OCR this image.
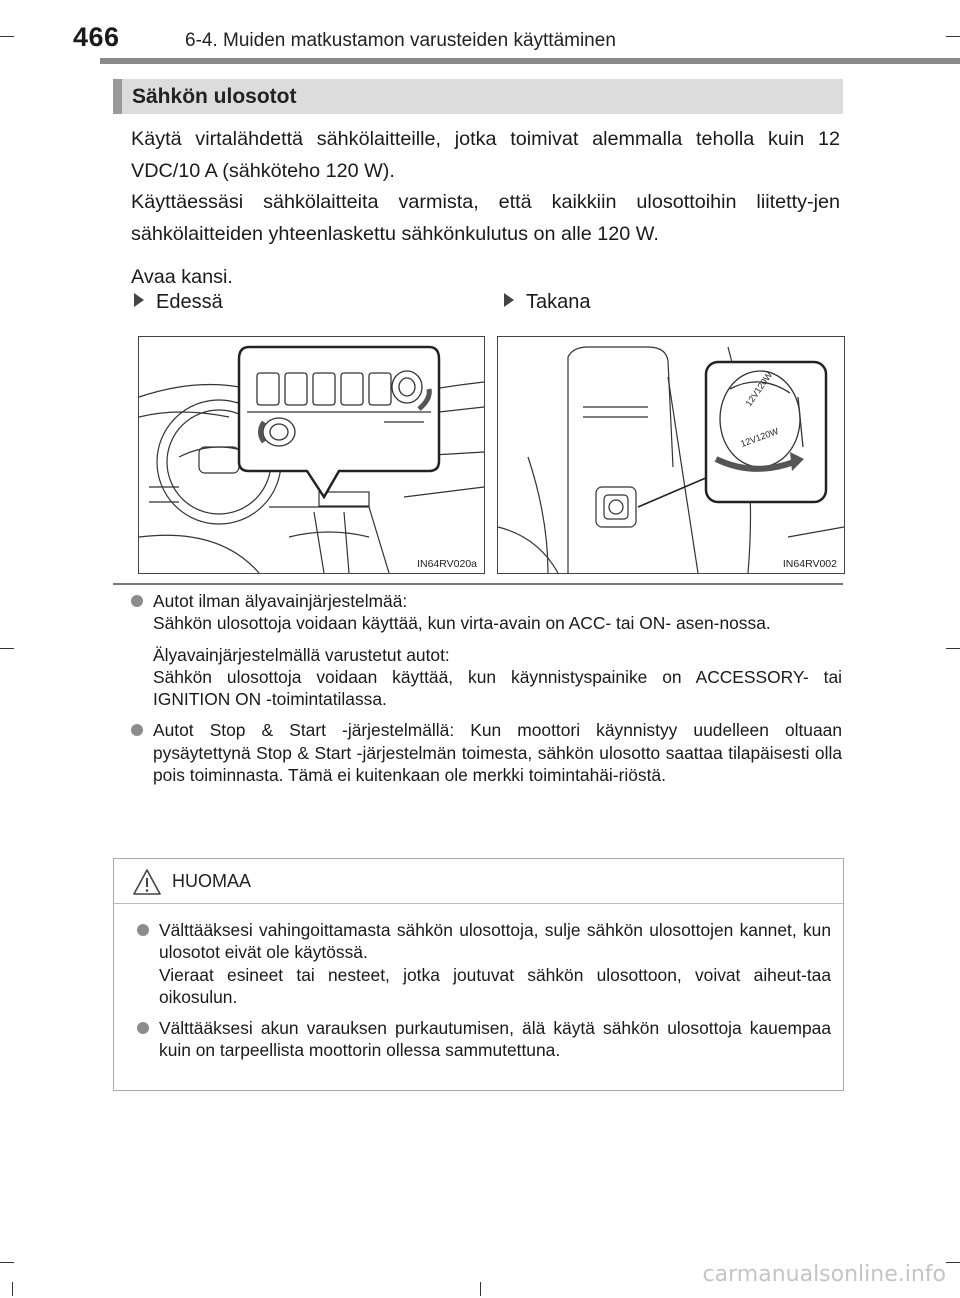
466	6-4. Muiden matkustamon varusteiden käyttäminen
Sähkön ulosotot

Käytä virtalähdettä sähkölaitteille, jotka toimivat alemmalla teholla kuin 12 VDC/10 A (sähköteho 120 W).

Käyttäessäsi sähkölaitteita varmista, että kaikkiin ulosottoihin liitetty-jen sähkölaitteiden yhteenlaskettu sähkönkulutus on alle 120 W.

Avaa kansi.

Edessä	Takana
IN64RV020a
12V120W
12V120W
IN64RV002

Autot ilman älyavainjärjestelmää:

Sähkön ulosottoja voidaan käyttää, kun virta-avain on ACC- tai ON- asen-nossa.

Älyavainjärjestelmällä varustetut autot:

Sähkön ulosottoja voidaan käyttää, kun käynnistyspainike on ACCESSORY- tai IGNITION ON -toimintatilassa.

Autot Stop & Start -järjestelmällä: Kun moottori käynnistyy uudelleen oltuaan pysäytettynä Stop & Start -järjestelmän toimesta, sähkön ulosotto saattaa tilapäisesti olla pois toiminnasta. Tämä ei kuitenkaan ole merkki toimintahäi-riöstä.

HUOMAA

Välttääksesi vahingoittamasta sähkön ulosottoja, sulje sähkön ulosottojen kannet, kun ulosotot eivät ole käytössä.

Vieraat esineet tai nesteet, jotka joutuvat sähkön ulosottoon, voivat aiheut-taa oikosulun.

Välttääksesi akun varauksen purkautumisen, älä käytä sähkön ulosottoja kauempaa kuin on tarpeellista moottorin ollessa sammutettuna.

carmanualsonline.info
